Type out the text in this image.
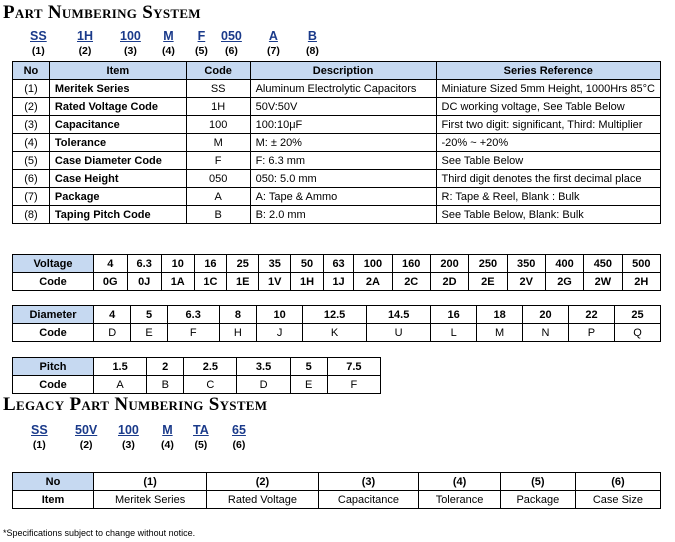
Part Numbering System
SS
(1)
1H
(2)
100
(3)
M
(4)
F
(5)
050
(6)
A
(7)
B
(8)
No	Item	Code	Description	Series Reference
(1)	Meritek Series	SS	Aluminum Electrolytic Capacitors	Miniature Sized 5mm Height, 1000Hrs 85°C
(2)	Rated Voltage Code	1H	50V:50V	DC working voltage, See Table Below
(3)	Capacitance	100	100:10μF	First two digit: significant, Third: Multiplier
(4)	Tolerance	M	M: ± 20%	-20% ~ +20%
(5)	Case Diameter Code	F	F: 6.3 mm	See Table Below
(6)	Case Height	050	050: 5.0 mm	Third digit denotes the first decimal place
(7)	Package	A	A: Tape & Ammo	R: Tape & Reel, Blank : Bulk
(8)	Taping Pitch Code	B	B: 2.0 mm	See Table Below, Blank: Bulk
Voltage	4	6.3	10	16	25	35	50	63	100	160	200	250	350	400	450	500
Code	0G	0J	1A	1C	1E	1V	1H	1J	2A	2C	2D	2E	2V	2G	2W	2H
Diameter	4	5	6.3	8	10	12.5	14.5	16	18	20	22	25
Code	D	E	F	H	J	K	U	L	M	N	P	Q
Pitch	1.5	2	2.5	3.5	5	7.5
Code	A	B	C	D	E	F
Legacy Part Numbering System
SS
(1)
50V
(2)
100
(3)
M
(4)
TA
(5)
65
(6)
No	(1)	(2)	(3)	(4)	(5)	(6)
Item	Meritek Series	Rated Voltage	Capacitance	Tolerance	Package	Case Size
*Specifications subject to change without notice.
